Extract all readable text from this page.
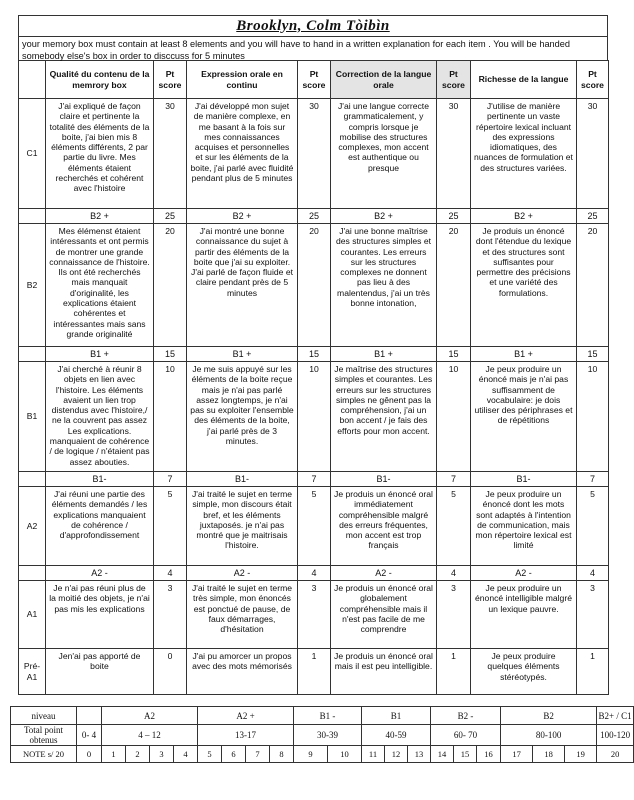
Brooklyn, Colm Tòibìn
your memory box must contain at least 8 elements and you will have to hand in a written explanation for each item . You will be handed somebody else's box in order to disccuss for 5 minutes
	Qualité du contenu de la memrory box	Pt score	Expression orale en continu	Pt score	Correction de la langue orale	Pt score	Richesse de la langue	Pt score
C1	J'ai expliqué de façon claire et pertinente la totalité des éléments de la boite, j'ai bien mis 8 éléments différents, 2 par partie du livre. Mes éléments étaient recherchés et cohérent avec l'histoire	30	J'ai développé mon sujet de manière complexe, en me basant à la fois sur mes connaissances acquises et personnelles et sur les éléments de la boite, j'ai parlé avec fluidité pendant plus de 5 minutes	30	J'ai une langue correcte grammaticalement, y compris lorsque je mobilise des structures complexes, mon accent est authentique ou presque	30	J'utilise de manière pertinente un vaste répertoire lexical incluant des expressions idiomatiques, des nuances de formulation et des structures variées.	30
	B2 +	25	B2 +	25	B2 +	25	B2 +	25
B2	Mes élémenst étaient intéressants et ont permis de montrer une grande connaissance de l'histoire. Ils ont été recherchés mais manquait d'originalité, les explications étaient cohérentes et intéressantes mais sans grande originalité	20	J'ai montré une bonne connaissance du sujet à partir des éléments de la boite que j'ai su exploiter. J'ai parlé de façon fluide et claire pendant près de 5 minutes	20	J'ai une bonne maîtrise des structures simples et courantes. Les erreurs sur les structures complexes ne donnent pas lieu à des malentendus, j'ai un très bonne intonation,	20	Je produis un énoncé dont l'étendue du lexique et des structures sont suffisantes pour permettre des précisions et une variété des formulations.	20
	B1 +	15	B1 +	15	B1 +	15	B1 +	15
B1	J'ai cherché à réunir 8 objets en lien avec l'histoire. Les éléments avaient un lien trop distendus avec l'histoire,/ ne la couvrent pas assez Les explications. manquaient de cohérence / de logique / n'étaient pas assez abouties.	10	Je me suis appuyé sur les éléments de la boite reçue mais je n'ai pas parlé assez longtemps, je n'ai pas su exploiter l'ensemble des éléments de la boite, j'ai parlé près de 3 minutes.	10	Je maîtrise des structures simples et courantes. Les erreurs sur les structures simples ne gênent pas la compréhension, j'ai un bon accent / je fais des efforts pour mon accent.	10	Je peux produire un énoncé mais je n'ai pas suffisamment de vocabulaire: je dois utiliser des périphrases et de répétitions	10
	B1-	7	B1-	7	B1-	7	B1-	7
A2	J'ai réuni une partie des éléments demandés / les explications manquaient de cohérence / d'approfondissement	5	J'ai traité le sujet en terme simple, mon discours était bref, et les éléments juxtaposés. je n'ai pas montré que je maitrisais l'histoire.	5	Je produis un énoncé oral immédiatement compréhensible malgré des erreurs fréquentes, mon accent est trop français	5	Je peux produire un énoncé dont les mots sont adaptés à l'intention de communication, mais mon répertoire lexical est limité	5
	A2 -	4	A2 -	4	A2 -	4	A2 -	4
A1	Je n'ai pas réuni plus de la moitié des objets, je n'ai pas mis les explications	3	J'ai traité le sujet en terme très simple, mon énoncés est ponctué de pause, de faux démarrages, d'hésitation	3	Je produis un énoncé oral globalement compréhensible mais il n'est pas facile de me comprendre	3	Je peux produire un énoncé intelligible malgré un lexique pauvre.	3
Pré-A1	Jen'ai pas apporté de boite	0	J'ai pu amorcer un propos avec des mots mémorisés	1	Je produis un énoncé oral mais il est peu intelligible.	1	Je peux produire quelques éléments stéréotypés.	1
niveau		A2				A2 +				B1 -		B1			B2 -			B2			B2+ / C1
Total point obtenus	0- 4	4 – 12				13-17				30-39		40-59			60- 70			80-100			100-120
NOTE s/ 20	0	1	2	3	4	5	6	7	8	9	10	11	12	13	14	15	16	17	18	19	20
